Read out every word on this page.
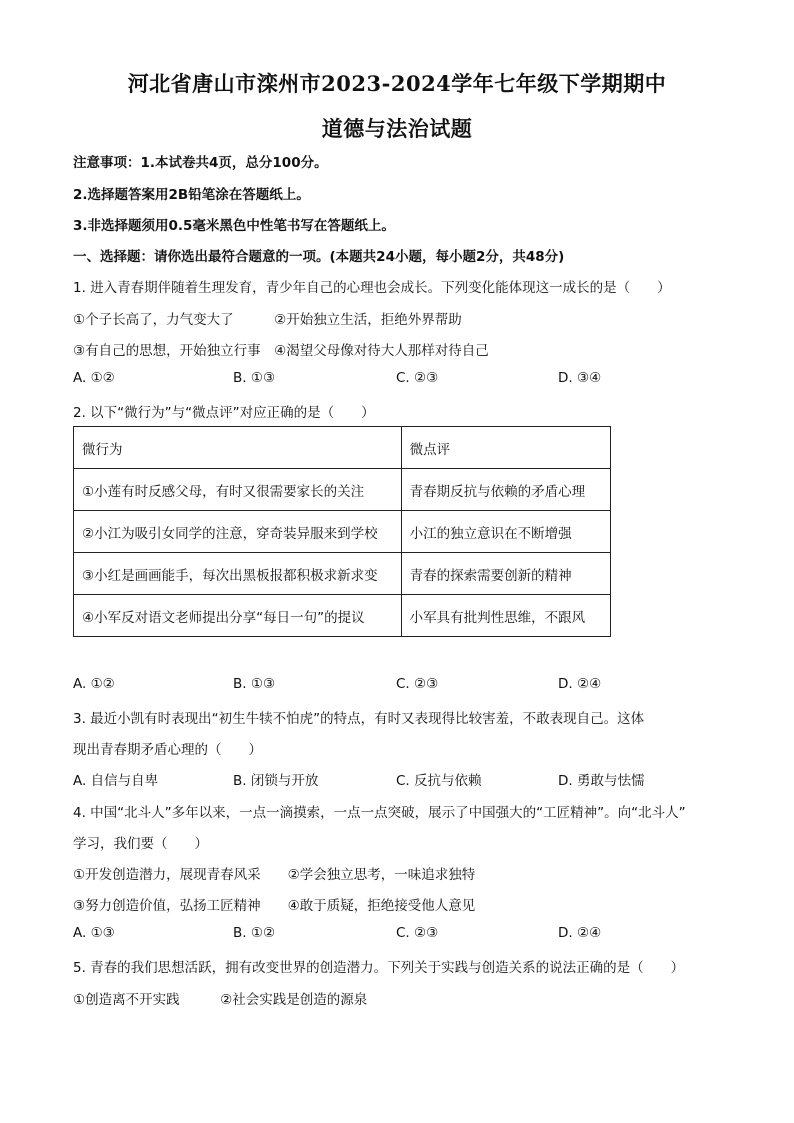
河北省唐山市滦州市2023-2024学年七年级下学期期中
道德与法治试题
注意事项：1.本试卷共4页，总分100分。
2.选择题答案用2B铅笔涂在答题纸上。
3.非选择题须用0.5毫米黑色中性笔书写在答题纸上。
一、选择题：请你选出最符合题意的一项。(本题共24小题，每小题2分，共48分)
1. 进入青春期伴随着生理发育，青少年自己的心理也会成长。下列变化能体现这一成长的是（　　）
①个子长高了，力气变大了　　　②开始独立生活，拒绝外界帮助
③有自己的思想，开始独立行事　④渴望父母像对待大人那样对待自己
A. ①②	B. ①③	C. ②③	D. ③④
2. 以下“微行为”与“微点评”对应正确的是（　　）
微行为	微点评
①小莲有时反感父母，有时又很需要家长的关注	青春期反抗与依赖的矛盾心理
②小江为吸引女同学的注意，穿奇装异服来到学校	小江的独立意识在不断增强
③小红是画画能手，每次出黑板报都积极求新求变	青春的探索需要创新的精神
④小军反对语文老师提出分享“每日一句”的提议	小军具有批判性思维，不跟风
A. ①②	B. ①③	C. ②③	D. ②④
3. 最近小凯有时表现出“初生牛犊不怕虎”的特点，有时又表现得比较害羞，不敢表现自己。这体
现出青春期矛盾心理的（　　）
A. 自信与自卑	B. 闭锁与开放	C. 反抗与依赖	D. 勇敢与怯懦
4. 中国“北斗人”多年以来，一点一滴摸索，一点一点突破，展示了中国强大的“工匠精神”。向“北斗人”
学习，我们要（　　）
①开发创造潜力，展现青春风采　　②学会独立思考，一味追求独特
③努力创造价值，弘扬工匠精神　　④敢于质疑，拒绝接受他人意见
A. ①③	B. ①②	C. ②③	D. ②④
5. 青春的我们思想活跃，拥有改变世界的创造潜力。下列关于实践与创造关系的说法正确的是（　　）
①创造离不开实践　　　②社会实践是创造的源泉
